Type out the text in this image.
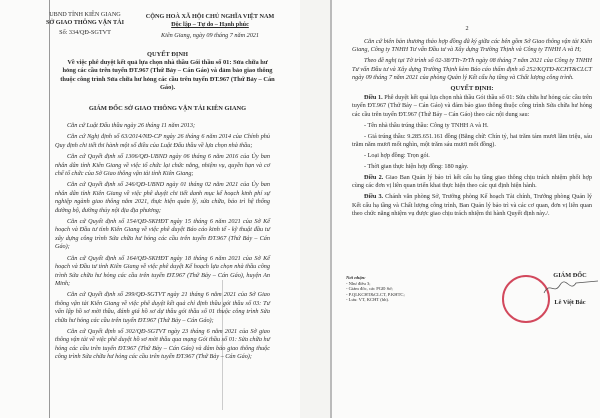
UBND TỈNH KIÊN GIANG
SỞ GIAO THÔNG VẬN TẢI
Số: 334/QĐ-SGTVT
CỘNG HOÀ XÃ HỘI CHỦ NGHĨA VIỆT NAM
Độc lập – Tự do – Hạnh phúc
Kiên Giang, ngày 09 tháng 7 năm 2021
QUYẾT ĐỊNH
Về việc phê duyệt kết quả lựa chọn nhà thầu Gói thầu số 01: Sửa chữa hư hỏng các cầu trên tuyến ĐT.967 (Thứ Bảy – Cán Gáo) và đảm bảo giao thông thuộc công trình Sửa chữa hư hỏng các cầu trên tuyến ĐT.967 (Thứ Bảy – Cán Gáo).
GIÁM ĐỐC SỞ GIAO THÔNG VẬN TẢI KIÊN GIANG

Căn cứ Luật Đấu thầu ngày 26 tháng 11 năm 2013;

Căn cứ Nghị định số 63/2014/NĐ-CP ngày 26 tháng 6 năm 2014 của Chính phủ Quy định chi tiết thi hành một số điều của Luật Đấu thầu về lựa chọn nhà thầu;

Căn cứ Quyết định số 1306/QĐ-UBND ngày 06 tháng 6 năm 2016 của Ủy ban nhân dân tỉnh Kiên Giang về việc tổ chức lại chức năng, nhiệm vụ, quyền hạn và cơ chế tổ chức của Sở Giao thông vận tải tỉnh Kiên Giang;

Căn cứ Quyết định số 246/QĐ-UBND ngày 01 tháng 02 năm 2021 của Ủy ban nhân dân tỉnh Kiên Giang về việc phê duyệt chi tiết danh mục kế hoạch kinh phí sự nghiệp ngành giao thông năm 2021, thực hiện quản lý, sửa chữa, bảo trì hệ thống đường bộ, đường thủy nội địa địa phương;

Căn cứ Quyết định số 154/QĐ-SKHĐT ngày 15 tháng 6 năm 2021 của Sở Kế hoạch và Đầu tư tỉnh Kiên Giang về việc phê duyệt Báo cáo kinh tế - kỹ thuật đầu tư xây dựng công trình Sửa chữa hư hỏng các cầu trên tuyến ĐT.967 (Thứ Bảy – Cán Gáo);

Căn cứ Quyết định số 164/QĐ-SKHĐT ngày 18 tháng 6 năm 2021 của Sở Kế hoạch và Đầu tư tỉnh Kiên Giang về việc phê duyệt Kế hoạch lựa chọn nhà thầu công trình Sửa chữa hư hỏng các cầu trên tuyến ĐT.967 (Thứ Bảy – Cán Gáo), huyện An Minh;

Căn cứ Quyết định số 299/QĐ-SGTVT ngày 21 tháng 6 năm 2021 của Sở Giao thông vận tải Kiên Giang về việc phê duyệt kết quả chỉ định thầu gói thầu số 03: Tư vấn lập hồ sơ mời thầu, đánh giá hồ sơ dự thầu gói thầu số 01 thuộc công trình Sửa chữa hư hỏng các cầu trên tuyến ĐT.967 (Thứ Bảy – Cán Gáo);

Căn cứ Quyết định số 302/QĐ-SGTVT ngày 23 tháng 6 năm 2021 của Sở giao thông vận tải về việc phê duyệt hồ sơ mời thầu qua mạng Gói thầu số 01: Sửa chữa hư hỏng các cầu trên tuyến ĐT.967 (Thứ Bảy – Cán Gáo) và đảm bảo giao thông thuộc công trình Sửa chữa hư hỏng các cầu trên tuyến ĐT.967 (Thứ Bảy – Cán Gáo);

2

Căn cứ biên bản thương thảo hợp đồng đã ký giữa các bên gồm Sở Giao thông vận tải Kiên Giang, Công ty TNHH Tư vấn Đầu tư và Xây dựng Trường Thịnh và Công ty TNHH A và H;

Theo đề nghị tại Tờ trình số 02-38/TTr-TrTh ngày 08 tháng 7 năm 2021 của Công ty TNHH Tư vấn Đầu tư và Xây dựng Trường Thịnh kèm Báo cáo thẩm định số 252/KQTĐ-KCHT&CLCT ngày 09 tháng 7 năm 2021 của phòng Quản lý Kết cấu hạ tầng và Chất lượng công trình.

QUYẾT ĐỊNH:

Điều 1. Phê duyệt kết quả lựa chọn nhà thầu Gói thầu số 01: Sửa chữa hư hỏng các cầu trên tuyến ĐT.967 (Thứ Bảy – Cán Gáo) và đảm bảo giao thông thuộc công trình Sửa chữa hư hỏng các cầu trên tuyến ĐT.967 (Thứ Bảy – Cán Gáo) theo các nội dung sau:

- Tên nhà thầu trúng thầu: Công ty TNHH A và H.

- Giá trúng thầu: 9.285.651.161 đồng (Bằng chữ: Chín tỷ, hai trăm tám mươi lăm triệu, sáu trăm năm mươi mốt nghìn, một trăm sáu mươi mốt đồng).

- Loại hợp đồng: Trọn gói.

- Thời gian thực hiện hợp đồng: 180 ngày.

Điều 2. Giao Ban Quản lý bảo trì kết cấu hạ tầng giao thông chịu trách nhiệm phối hợp cùng các đơn vị liên quan triển khai thực hiện theo các qui định hiện hành.

Điều 3. Chánh văn phòng Sở, Trưởng phòng Kế hoạch Tài chính, Trưởng phòng Quản lý Kết cấu hạ tầng và Chất lượng công trình, Ban Quản lý bảo trì và các cơ quan, đơn vị liên quan theo chức năng nhiệm vụ được giao chịu trách nhiệm thi hành Quyết định này./.

Nơi nhận:
- Như điều 3;
- Giám đốc, các PGĐ Sở;
- P.QLKCHT&CLCT, P.KHTC;
- Lưu: VT, KCHT (hh).
GIÁM ĐỐC
Lê Việt Bắc
